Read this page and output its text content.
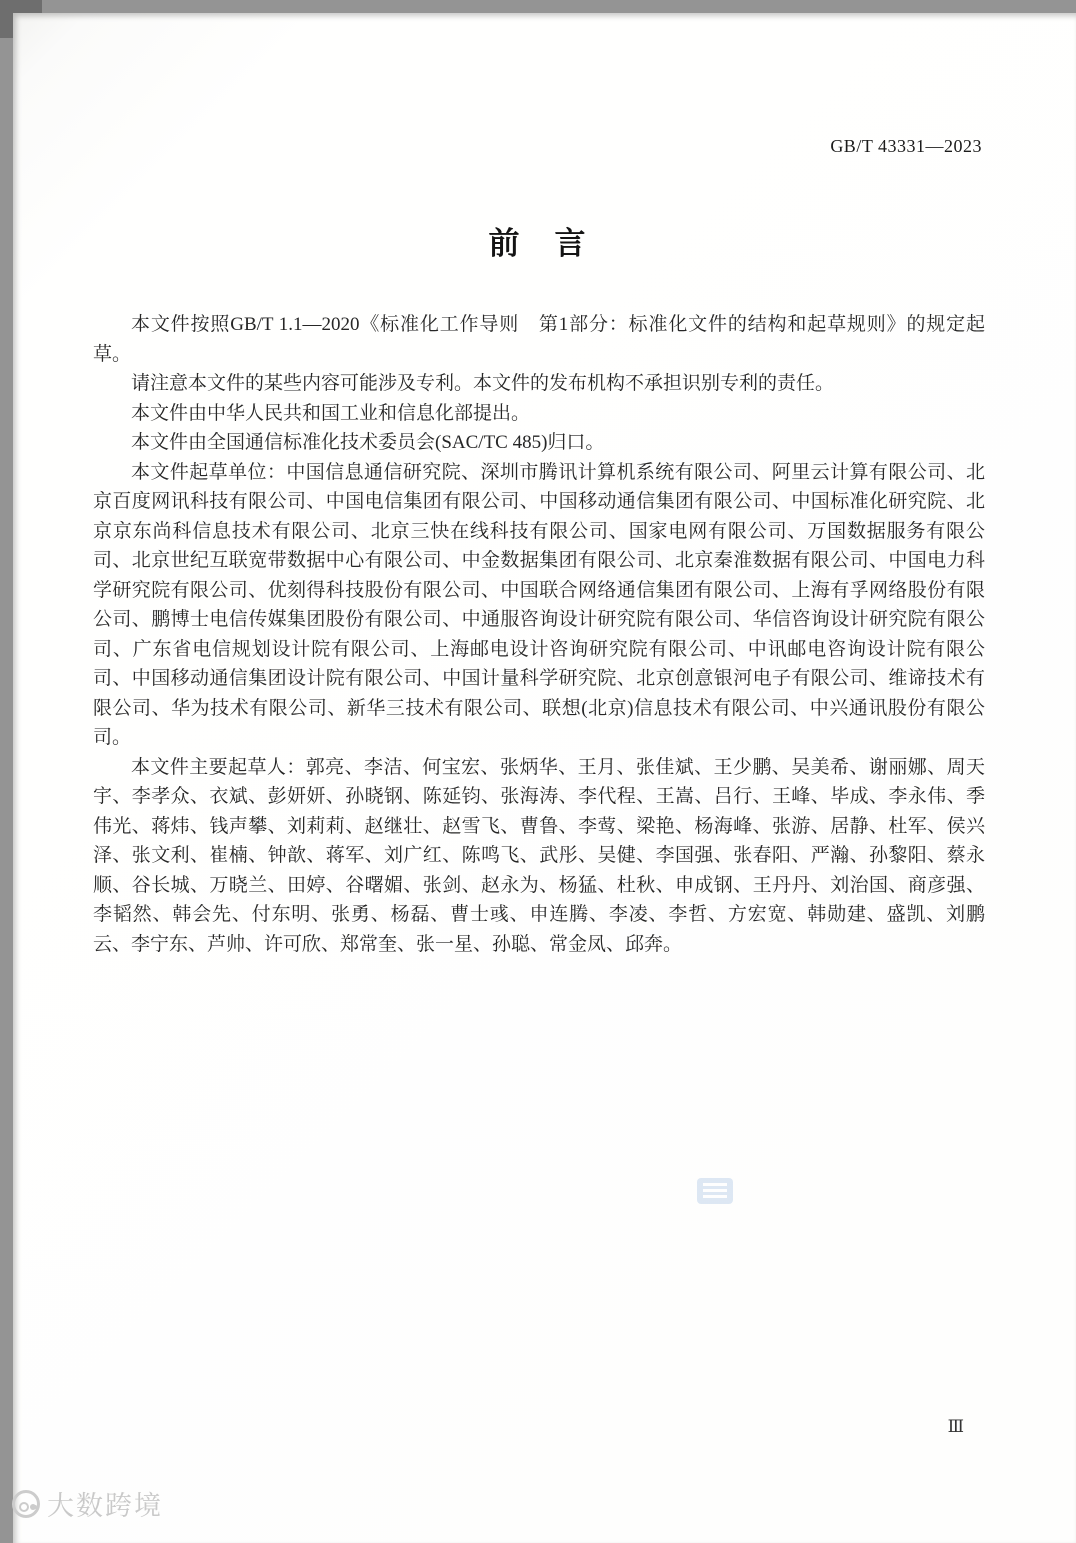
GB/T 43331—2023
前　言

本文件按照GB/T 1.1—2020《标准化工作导则　第1部分：标准化文件的结构和起草规则》的规定起草。

请注意本文件的某些内容可能涉及专利。本文件的发布机构不承担识别专利的责任。

本文件由中华人民共和国工业和信息化部提出。

本文件由全国通信标准化技术委员会(SAC/TC 485)归口。

本文件起草单位：中国信息通信研究院、深圳市腾讯计算机系统有限公司、阿里云计算有限公司、北京百度网讯科技有限公司、中国电信集团有限公司、中国移动通信集团有限公司、中国标准化研究院、北京京东尚科信息技术有限公司、北京三快在线科技有限公司、国家电网有限公司、万国数据服务有限公司、北京世纪互联宽带数据中心有限公司、中金数据集团有限公司、北京秦淮数据有限公司、中国电力科学研究院有限公司、优刻得科技股份有限公司、中国联合网络通信集团有限公司、上海有孚网络股份有限公司、鹏博士电信传媒集团股份有限公司、中通服咨询设计研究院有限公司、华信咨询设计研究院有限公司、广东省电信规划设计院有限公司、上海邮电设计咨询研究院有限公司、中讯邮电咨询设计院有限公司、中国移动通信集团设计院有限公司、中国计量科学研究院、北京创意银河电子有限公司、维谛技术有限公司、华为技术有限公司、新华三技术有限公司、联想(北京)信息技术有限公司、中兴通讯股份有限公司。

本文件主要起草人：郭亮、李洁、何宝宏、张炳华、王月、张佳斌、王少鹏、吴美希、谢丽娜、周天宇、李孝众、衣斌、彭妍妍、孙晓钢、陈延钧、张海涛、李代程、王嵩、吕行、王峰、毕成、李永伟、季伟光、蒋炜、钱声攀、刘莉莉、赵继壮、赵雪飞、曹鲁、李莺、梁艳、杨海峰、张游、居静、杜军、侯兴泽、张文利、崔楠、钟歆、蒋军、刘广红、陈鸣飞、武彤、吴健、李国强、张春阳、严瀚、孙黎阳、蔡永顺、谷长城、万晓兰、田婷、谷曙媚、张剑、赵永为、杨猛、杜秋、申成钢、王丹丹、刘治国、商彦强、李韬然、韩会先、付东明、张勇、杨磊、曹士彧、申连腾、李凌、李哲、方宏宽、韩勋建、盛凯、刘鹏云、李宁东、芦帅、许可欣、郑常奎、张一星、孙聪、常金凤、邱奔。

Ⅲ
大数跨境
